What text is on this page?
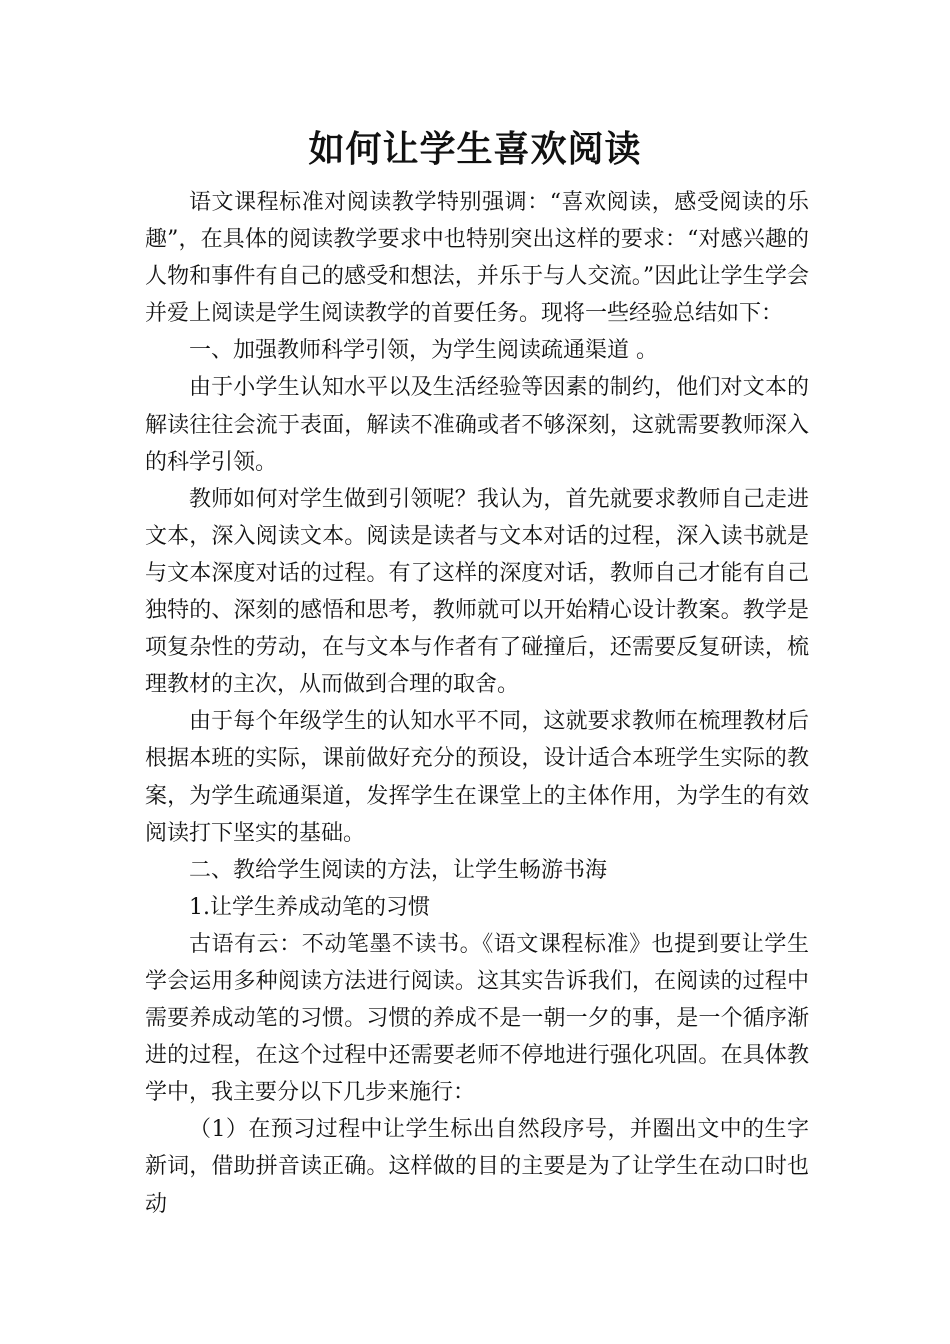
如何让学生喜欢阅读

语文课程标准对阅读教学特别强调：“喜欢阅读，感受阅读的乐趣”，在具体的阅读教学要求中也特别突出这样的要求：“对感兴趣的人物和事件有自己的感受和想法，并乐于与人交流。”因此让学生学会并爱上阅读是学生阅读教学的首要任务。现将一些经验总结如下：

一、加强教师科学引领，为学生阅读疏通渠道 。

由于小学生认知水平以及生活经验等因素的制约，他们对文本的解读往往会流于表面，解读不准确或者不够深刻，这就需要教师深入的科学引领。

教师如何对学生做到引领呢？我认为，首先就要求教师自己走进文本，深入阅读文本。阅读是读者与文本对话的过程，深入读书就是与文本深度对话的过程。有了这样的深度对话，教师自己才能有自己独特的、深刻的感悟和思考，教师就可以开始精心设计教案。教学是项复杂性的劳动，在与文本与作者有了碰撞后，还需要反复研读，梳理教材的主次，从而做到合理的取舍。

由于每个年级学生的认知水平不同，这就要求教师在梳理教材后根据本班的实际，课前做好充分的预设，设计适合本班学生实际的教案，为学生疏通渠道，发挥学生在课堂上的主体作用，为学生的有效阅读打下坚实的基础。

二、教给学生阅读的方法，让学生畅游书海

1.让学生养成动笔的习惯

古语有云：不动笔墨不读书。《语文课程标准》也提到要让学生学会运用多种阅读方法进行阅读。这其实告诉我们，在阅读的过程中需要养成动笔的习惯。习惯的养成不是一朝一夕的事，是一个循序渐进的过程，在这个过程中还需要老师不停地进行强化巩固。在具体教学中，我主要分以下几步来施行：

（1）在预习过程中让学生标出自然段序号，并圈出文中的生字新词，借助拼音读正确。这样做的目的主要是为了让学生在动口时也动
